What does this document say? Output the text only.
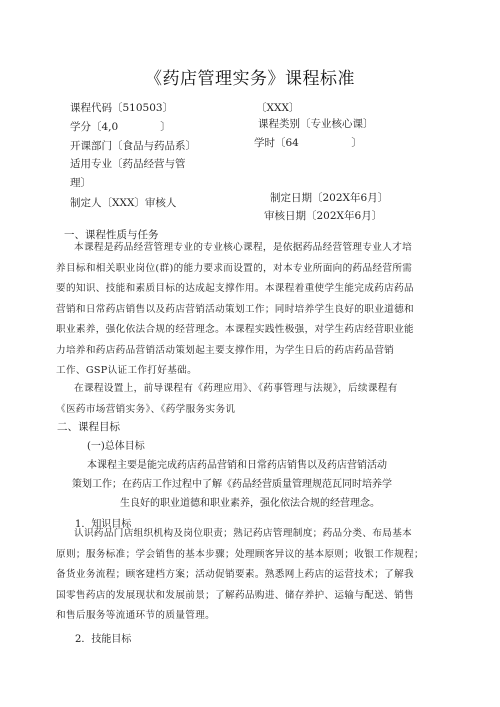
《药店管理实务》课程标准
课程代码〔510503〕	〔XXX〕
学分〔4,0　　　　〕	课程类别〔专业核心课〕
开课部门〔食品与药品系〕	学时〔64　　　　　〕
适用专业〔药品经营与管
理〕
制定人〔XXX〕审核人	制定日期〔202X年6月〕
审核日期〔202X年6月〕
一、课程性质与任务
本课程是药品经营管理专业的专业核心课程，是依据药品经营管理专业人才培
养目标和相关职业岗位(群)的能力要求而设置的，对本专业所面向的药品经营所需
要的知识、技能和素质目标的达成起支撑作用。本课程着重使学生能完成药店药品
营销和日常药店销售以及药店营销活动策划工作；同时培养学生良好的职业道德和
职业素养，强化依法合规的经营理念。本课程实践性极强，对学生药店经营职业能
力培养和药店药品营销活动策划起主要支撑作用，为学生日后的药店药品营销
工作、GSP认证工作打好基础。
在课程设置上，前导课程有《药理应用》、《药事管理与法规》，后续课程有
《医药市场营销实务》、《药学服务实务讥
二、课程目标
(一)总体目标
本课程主要是能完成药店药品营销和日常药店销售以及药店营销活动
策划工作；在药店工作过程中了解《药品经营质量管理规范瓦同时培养学
生良好的职业道德和职业素养，强化依法合规的经营理念。
1．知识目标
认识药品门店组织机构及岗位职责；熟记药店管理制度；药品分类、布局基本
原则；服务标准；学会销售的基本步骤；处理顾客异议的基本原则；收银工作规程；
备货业务流程；顾客建档方案；活动促销要素。熟悉网上药店的运营技术；了解我
国零售药店的发展现状和发展前景；了解药品购进、储存养护、运输与配送、销售
和售后服务等流通环节的质量管理。
2．技能目标
